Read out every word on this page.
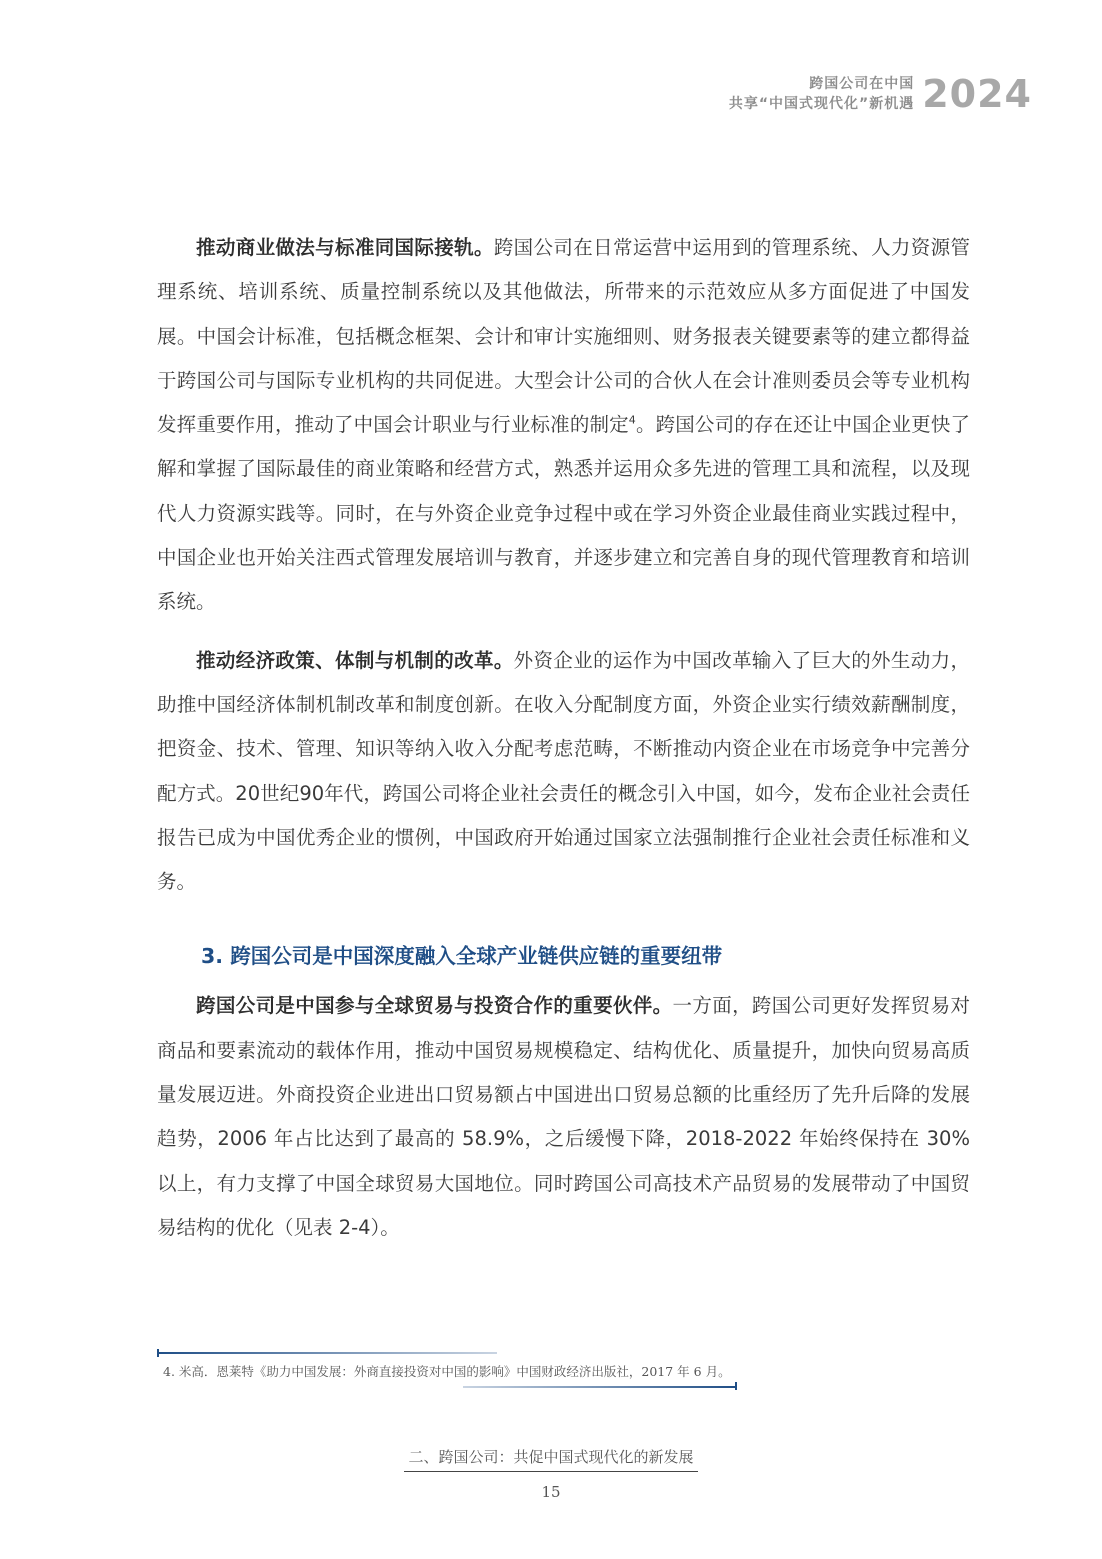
跨国公司在中国
共享“中国式现代化”新机遇 2024

推动商业做法与标准同国际接轨。跨国公司在日常运营中运用到的管理系统、人力资源管理系统、培训系统、质量控制系统以及其他做法，所带来的示范效应从多方面促进了中国发展。中国会计标准，包括概念框架、会计和审计实施细则、财务报表关键要素等的建立都得益于跨国公司与国际专业机构的共同促进。大型会计公司的合伙人在会计准则委员会等专业机构发挥重要作用，推动了中国会计职业与行业标准的制定$^4$。跨国公司的存在还让中国企业更快了解和掌握了国际最佳的商业策略和经营方式，熟悉并运用众多先进的管理工具和流程，以及现代人力资源实践等。同时，在与外资企业竞争过程中或在学习外资企业最佳商业实践过程中，中国企业也开始关注西式管理发展培训与教育，并逐步建立和完善自身的现代管理教育和培训系统。

推动经济政策、体制与机制的改革。外资企业的运作为中国改革输入了巨大的外生动力，助推中国经济体制机制改革和制度创新。在收入分配制度方面，外资企业实行绩效薪酬制度，把资金、技术、管理、知识等纳入收入分配考虑范畴，不断推动内资企业在市场竞争中完善分配方式。20世纪90年代，跨国公司将企业社会责任的概念引入中国，如今，发布企业社会责任报告已成为中国优秀企业的惯例，中国政府开始通过国家立法强制推行企业社会责任标准和义务。

3. 跨国公司是中国深度融入全球产业链供应链的重要纽带

跨国公司是中国参与全球贸易与投资合作的重要伙伴。一方面，跨国公司更好发挥贸易对商品和要素流动的载体作用，推动中国贸易规模稳定、结构优化、质量提升，加快向贸易高质量发展迈进。外商投资企业进出口贸易额占中国进出口贸易总额的比重经历了先升后降的发展趋势，2006 年占比达到了最高的 58.9%，之后缓慢下降，2018-2022 年始终保持在 30% 以上，有力支撑了中国全球贸易大国地位。同时跨国公司高技术产品贸易的发展带动了中国贸易结构的优化（见表 2-4）。

4. 米高．恩莱特《助力中国发展：外商直接投资对中国的影响》中国财政经济出版社，2017 年 6 月。
二、跨国公司：共促中国式现代化的新发展
15
